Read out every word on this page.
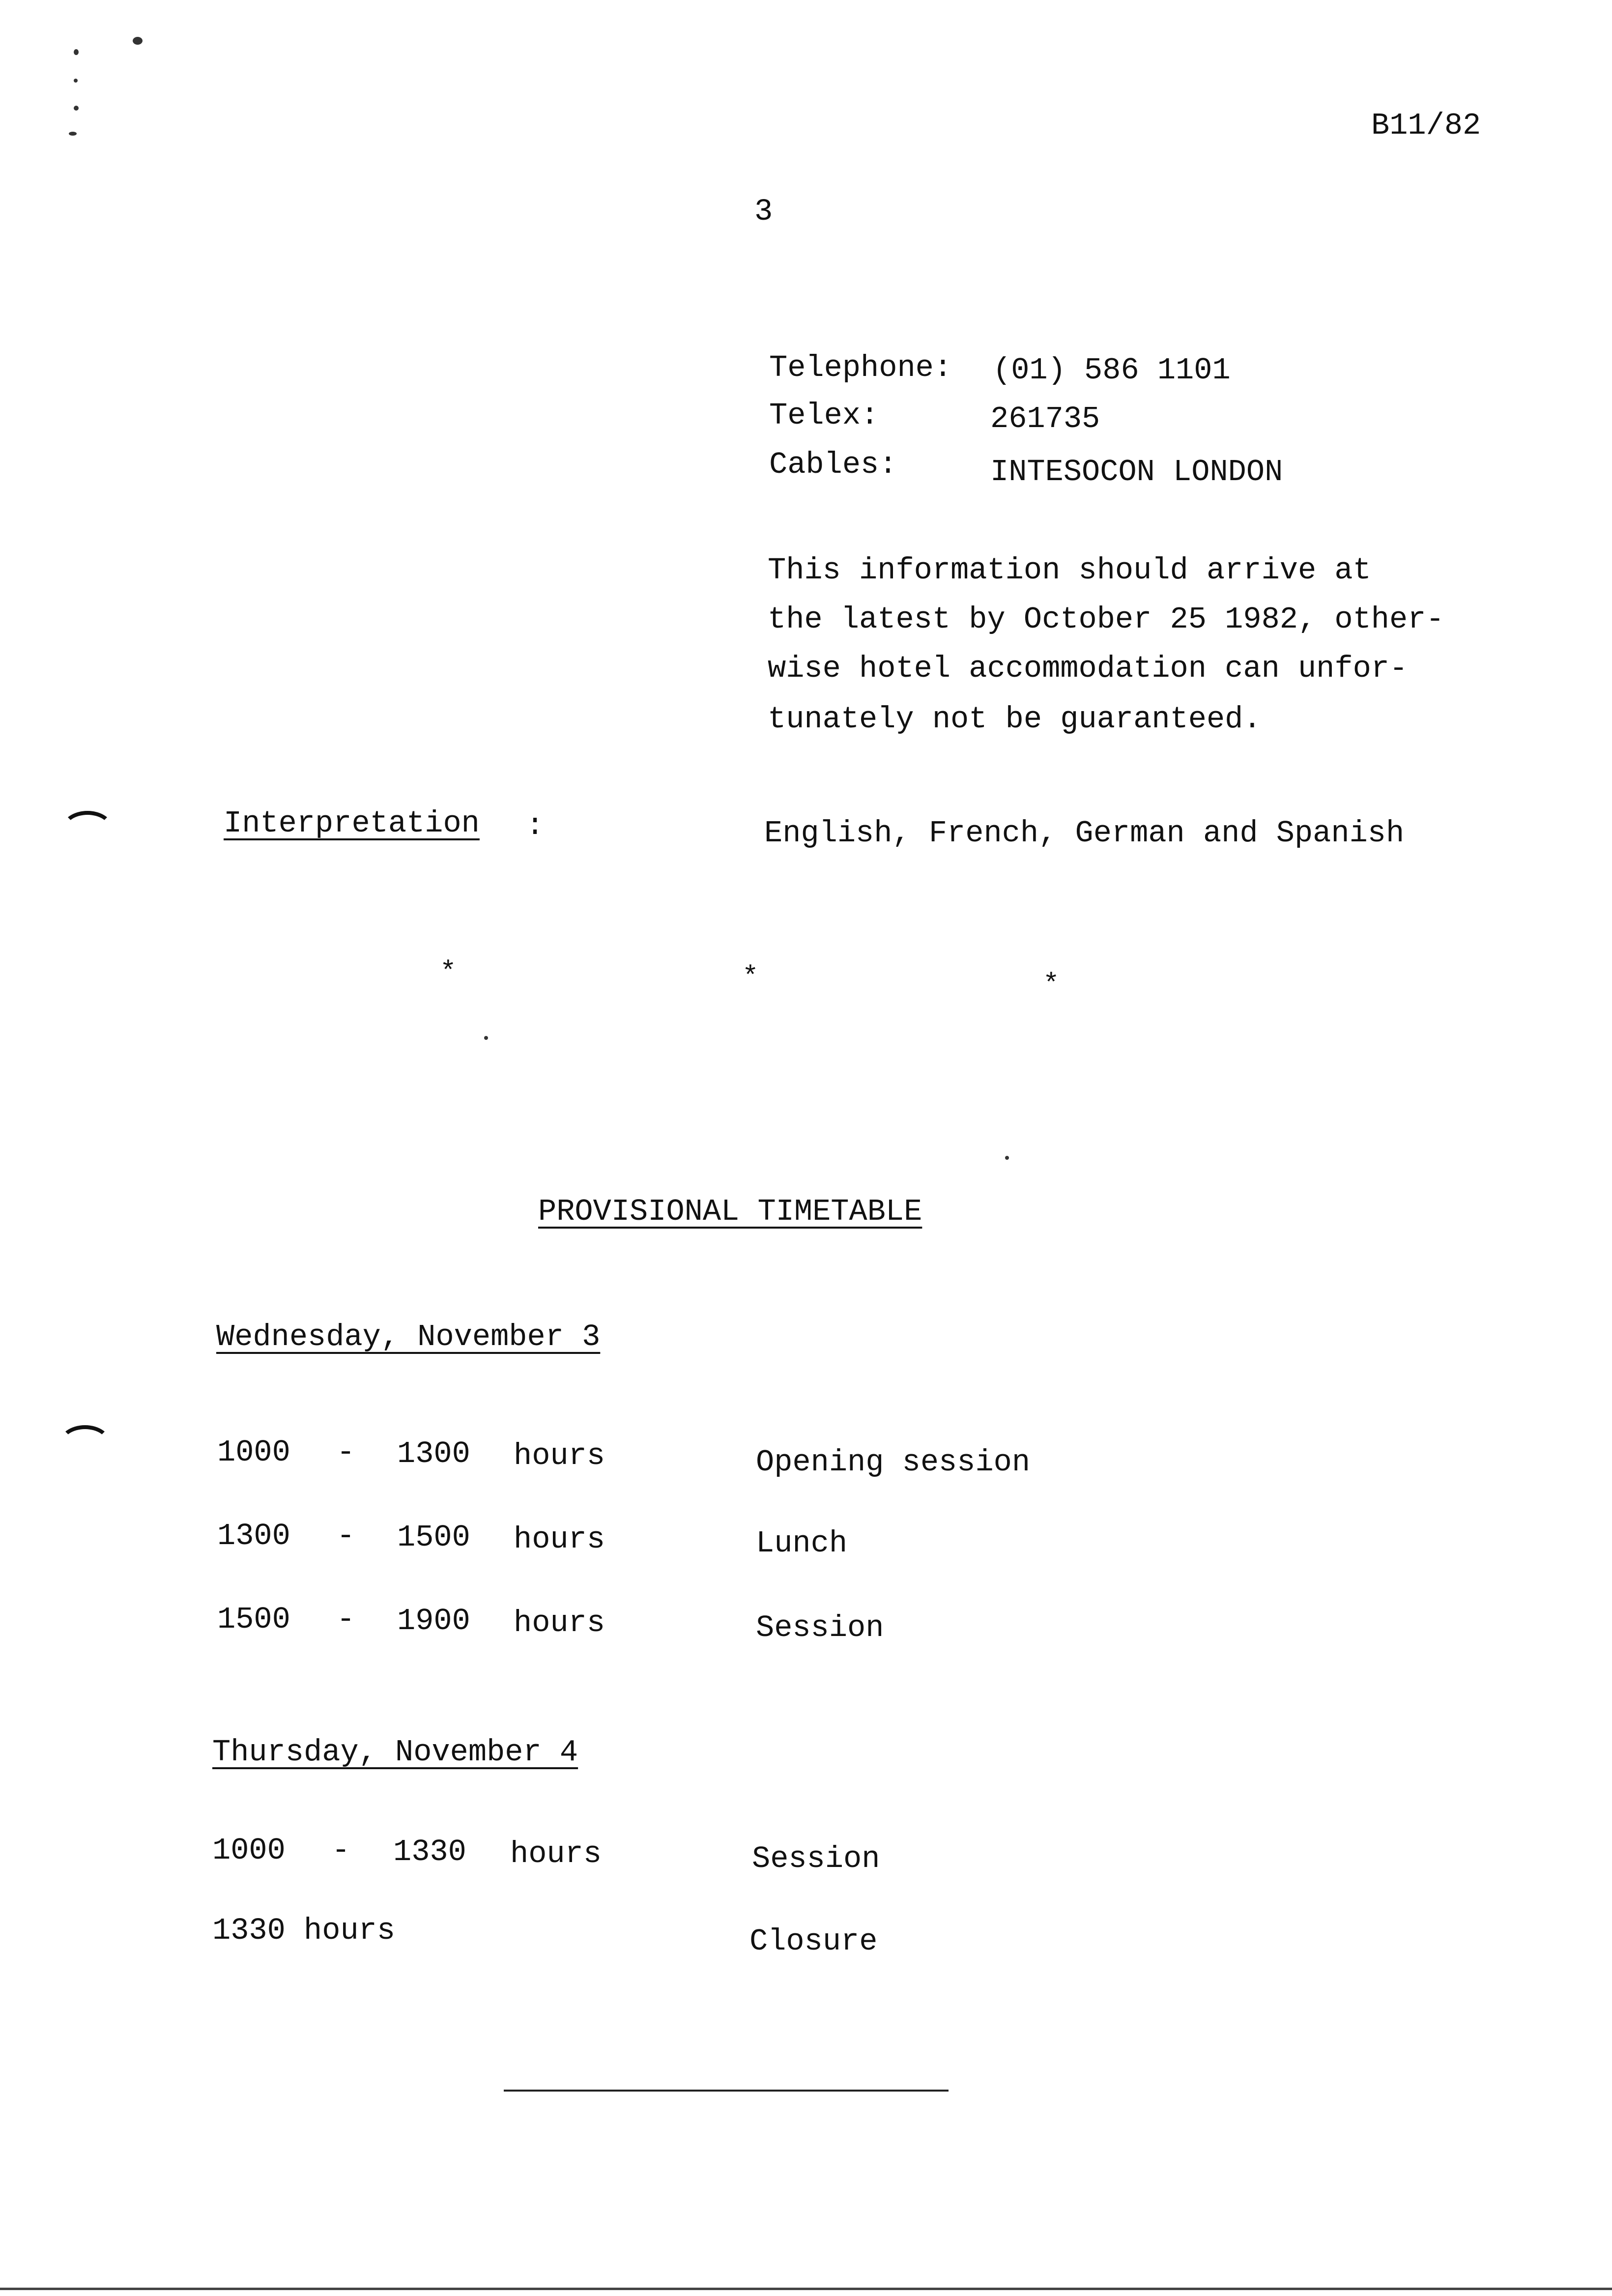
B11/82
3
Telephone: (01) 586 1101
Telex:	261735
Cables:	INTESOCON LONDON
This information should arrive at
the latest by October 25 1982, other-
wise hotel accommodation can unfor-
tunately not be guaranteed.
Interpretation :	English, French, German and Spanish
*	*	*
PROVISIONAL TIMETABLE
Wednesday, November 3
1000 - 1300 hours	Opening session
1300 - 1500 hours	Lunch
1500 - 1900 hours	Session
Thursday, November 4
1000 - 1330 hours	Session
1330 hours	Closure
